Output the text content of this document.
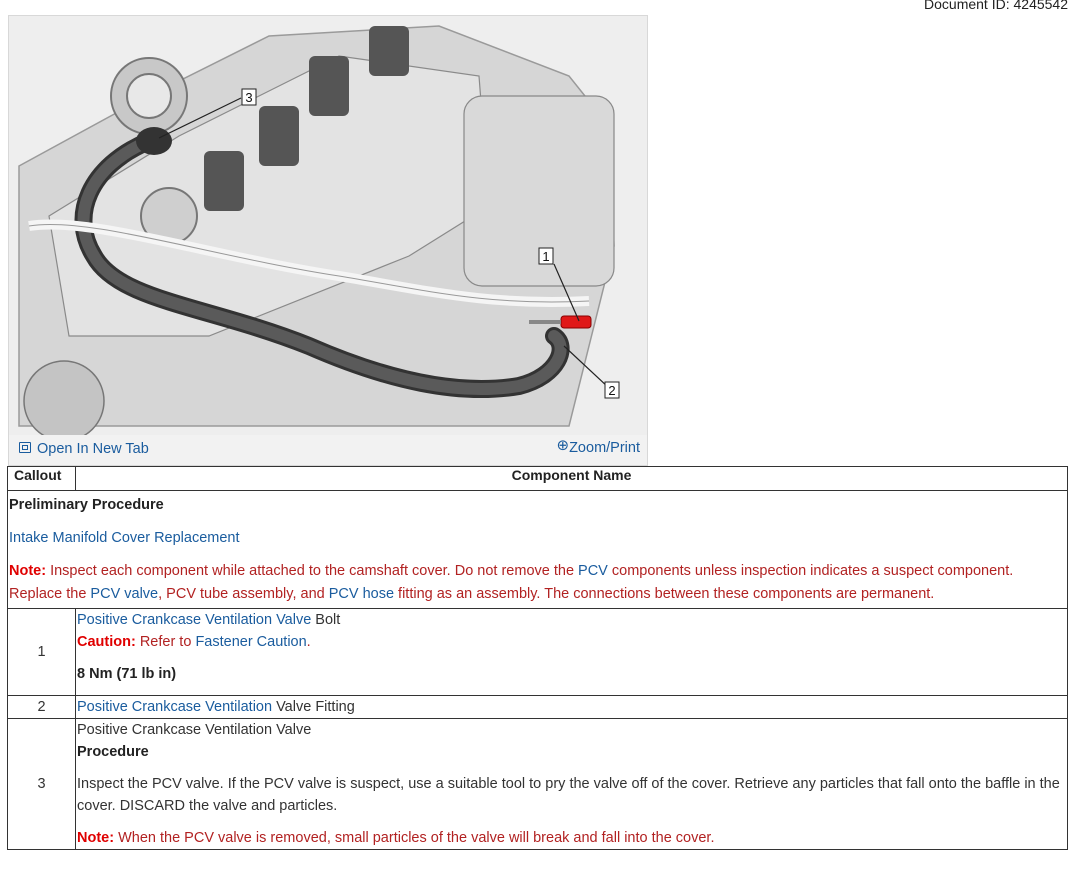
Document ID: 4245542
1
2
3
Open In New Tab	⊕Zoom/Print
Callout	Component Name

Preliminary Procedure

Intake Manifold Cover Replacement

Note: Inspect each component while attached to the camshaft cover. Do not remove the PCV components unless inspection indicates a suspect component. Replace the PCV valve, PCV tube assembly, and PCV hose fitting as an assembly. The connections between these components are permanent.	

1	Positive Crankcase Ventilation Valve Bolt

Caution: Refer to Fastener Caution.

8 Nm (71 lb in)

2	Positive Crankcase Ventilation Valve Fitting

3	Positive Crankcase Ventilation Valve

Procedure

Inspect the PCV valve. If the PCV valve is suspect, use a suitable tool to pry the valve off of the cover. Retrieve any particles that fall onto the baffle in the cover. DISCARD the valve and particles.

Note: When the PCV valve is removed, small particles of the valve will break and fall into the cover.
